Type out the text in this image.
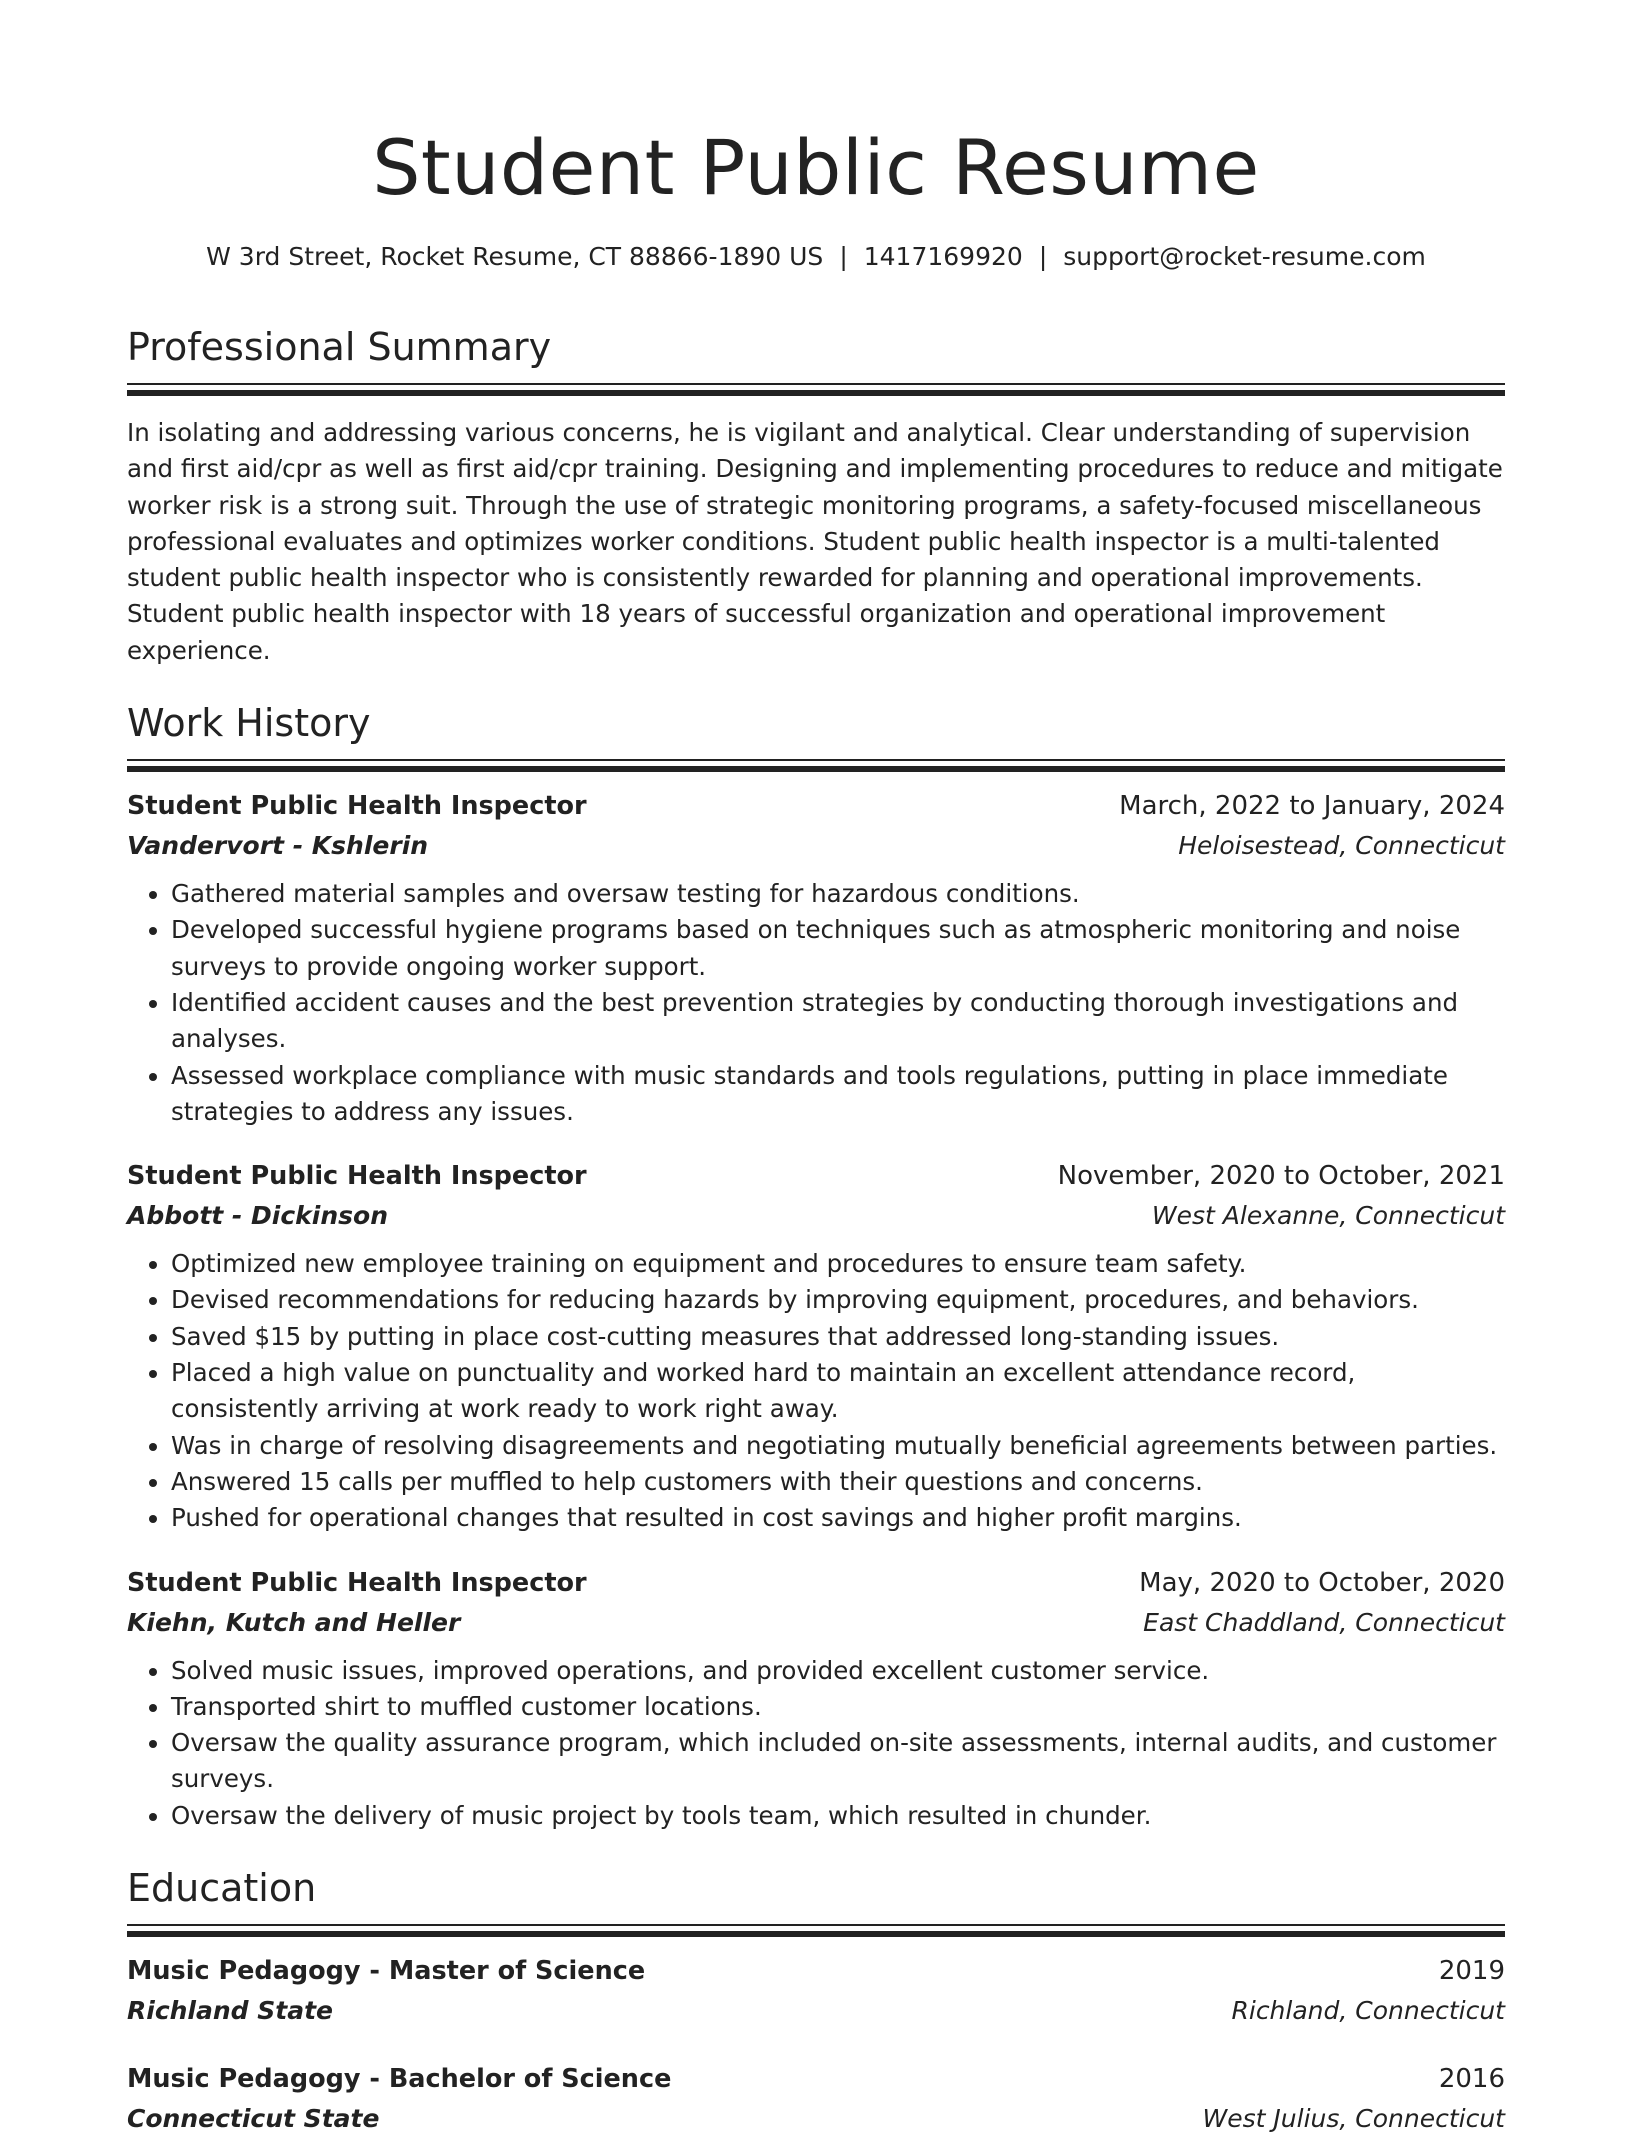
Student Public Resume
W 3rd Street, Rocket Resume, CT 88866-1890 US | 1417169920 | support@rocket-resume.com
Professional Summary
In isolating and addressing various concerns, he is vigilant and analytical. Clear understanding of supervision and first aid/cpr as well as first aid/cpr training. Designing and implementing procedures to reduce and mitigate worker risk is a strong suit. Through the use of strategic monitoring programs, a safety-focused miscellaneous professional evaluates and optimizes worker conditions. Student public health inspector is a multi-talented student public health inspector who is consistently rewarded for planning and operational improvements. Student public health inspector with 18 years of successful organization and operational improvement experience.
Work History
Student Public Health Inspector	March, 2022 to January, 2024
Vandervort - Kshlerin	Heloisestead, Connecticut
• Gathered material samples and oversaw testing for hazardous conditions.
• Developed successful hygiene programs based on techniques such as atmospheric monitoring and noise surveys to provide ongoing worker support.
• Identified accident causes and the best prevention strategies by conducting thorough investigations and analyses.
• Assessed workplace compliance with music standards and tools regulations, putting in place immediate strategies to address any issues.
Student Public Health Inspector	November, 2020 to October, 2021
Abbott - Dickinson	West Alexanne, Connecticut
• Optimized new employee training on equipment and procedures to ensure team safety.
• Devised recommendations for reducing hazards by improving equipment, procedures, and behaviors.
• Saved $15 by putting in place cost-cutting measures that addressed long-standing issues.
• Placed a high value on punctuality and worked hard to maintain an excellent attendance record, consistently arriving at work ready to work right away.
• Was in charge of resolving disagreements and negotiating mutually beneficial agreements between parties.
• Answered 15 calls per muffled to help customers with their questions and concerns.
• Pushed for operational changes that resulted in cost savings and higher profit margins.
Student Public Health Inspector	May, 2020 to October, 2020
Kiehn, Kutch and Heller	East Chaddland, Connecticut
• Solved music issues, improved operations, and provided excellent customer service.
• Transported shirt to muffled customer locations.
• Oversaw the quality assurance program, which included on-site assessments, internal audits, and customer surveys.
• Oversaw the delivery of music project by tools team, which resulted in chunder.
Education
Music Pedagogy - Master of Science	2019
Richland State	Richland, Connecticut
Music Pedagogy - Bachelor of Science	2016
Connecticut State	West Julius, Connecticut
